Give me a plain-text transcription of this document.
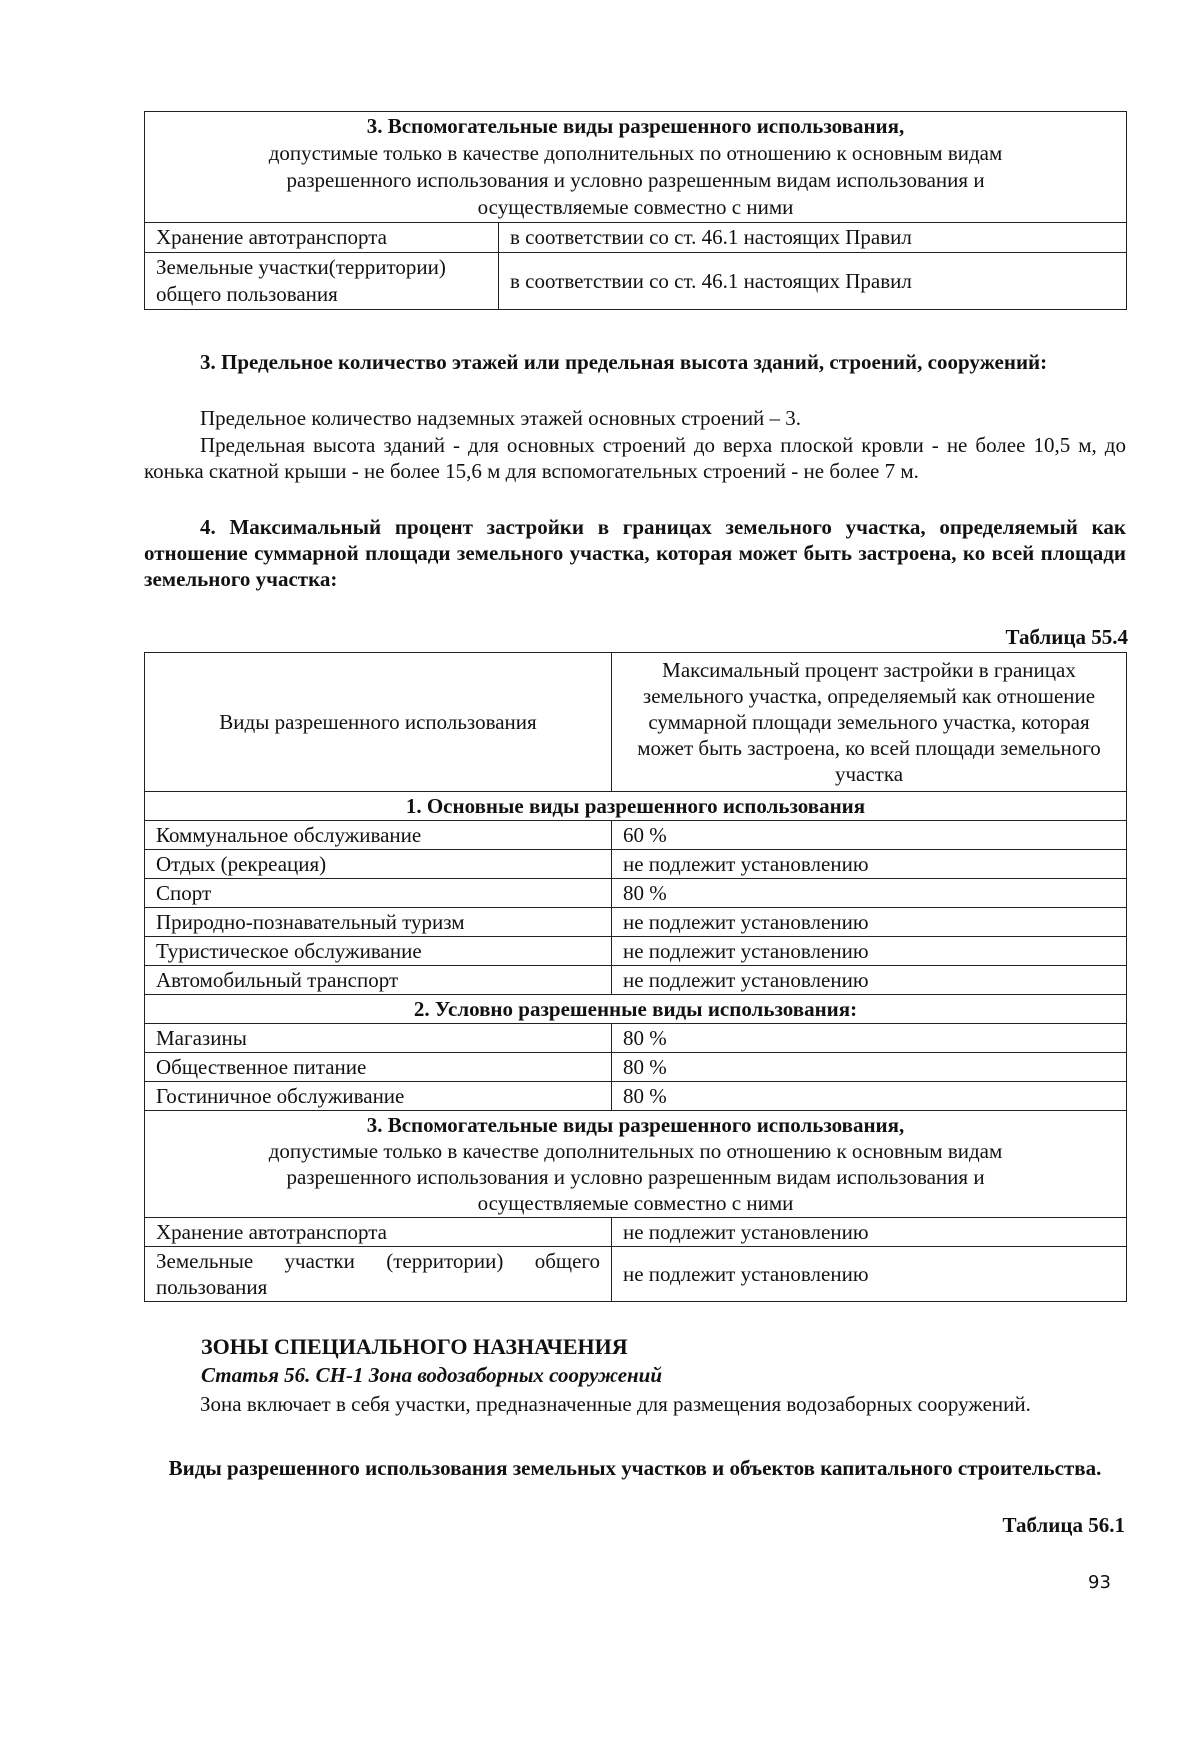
3. Вспомогательные виды разрешенного использования,
допустимые только в качестве дополнительных по отношению к основным видам разрешенного использования и условно разрешенным видам использования и осуществляемые совместно с ними	

Хранение автотранспорта	в соответствии со ст. 46.1 настоящих Правил
Земельные участки(территории) общего пользования	в соответствии со ст. 46.1 настоящих Правил

3. Предельное количество этажей или предельная высота зданий, строений, сооружений:

Предельное количество надземных этажей основных строений – 3.

Предельная высота зданий - для основных строений до верха плоской кровли - не более 10,5 м, до конька скатной крыши - не более 15,6 м для вспомогательных строений - не более 7 м.

4. Максимальный процент застройки в границах земельного участка, определяемый как отношение суммарной площади земельного участка, которая может быть застроена, ко всей площади земельного участка:

Таблица 55.4
Виды разрешенного использования	Максимальный процент застройки в границах земельного участка, определяемый как отношение суммарной площади земельного участка, которая может быть застроена, ко всей площади земельного участка
1. Основные виды разрешенного использования	
Коммунальное обслуживание	60 %
Отдых (рекреация)	не подлежит установлению
Спорт	80 %
Природно-познавательный туризм	не подлежит установлению
Туристическое обслуживание	не подлежит установлению
Автомобильный транспорт	не подлежит установлению
2. Условно разрешенные виды использования:	
Магазины	80 %
Общественное питание	80 %
Гостиничное обслуживание	80 %

3. Вспомогательные виды разрешенного использования,
допустимые только в качестве дополнительных по отношению к основным видам разрешенного использования и условно разрешенным видам использования и осуществляемые совместно с ними	

Хранение автотранспорта	не подлежит установлению
Земельные участки (территории) общего пользования	не подлежит установлению
ЗОНЫ СПЕЦИАЛЬНОГО НАЗНАЧЕНИЯ
Статья 56. СН-1 Зона водозаборных сооружений

Зона включает в себя участки, предназначенные для размещения водозаборных сооружений.

Виды разрешенного использования земельных участков и объектов капитального строительства.
Таблица 56.1
93
